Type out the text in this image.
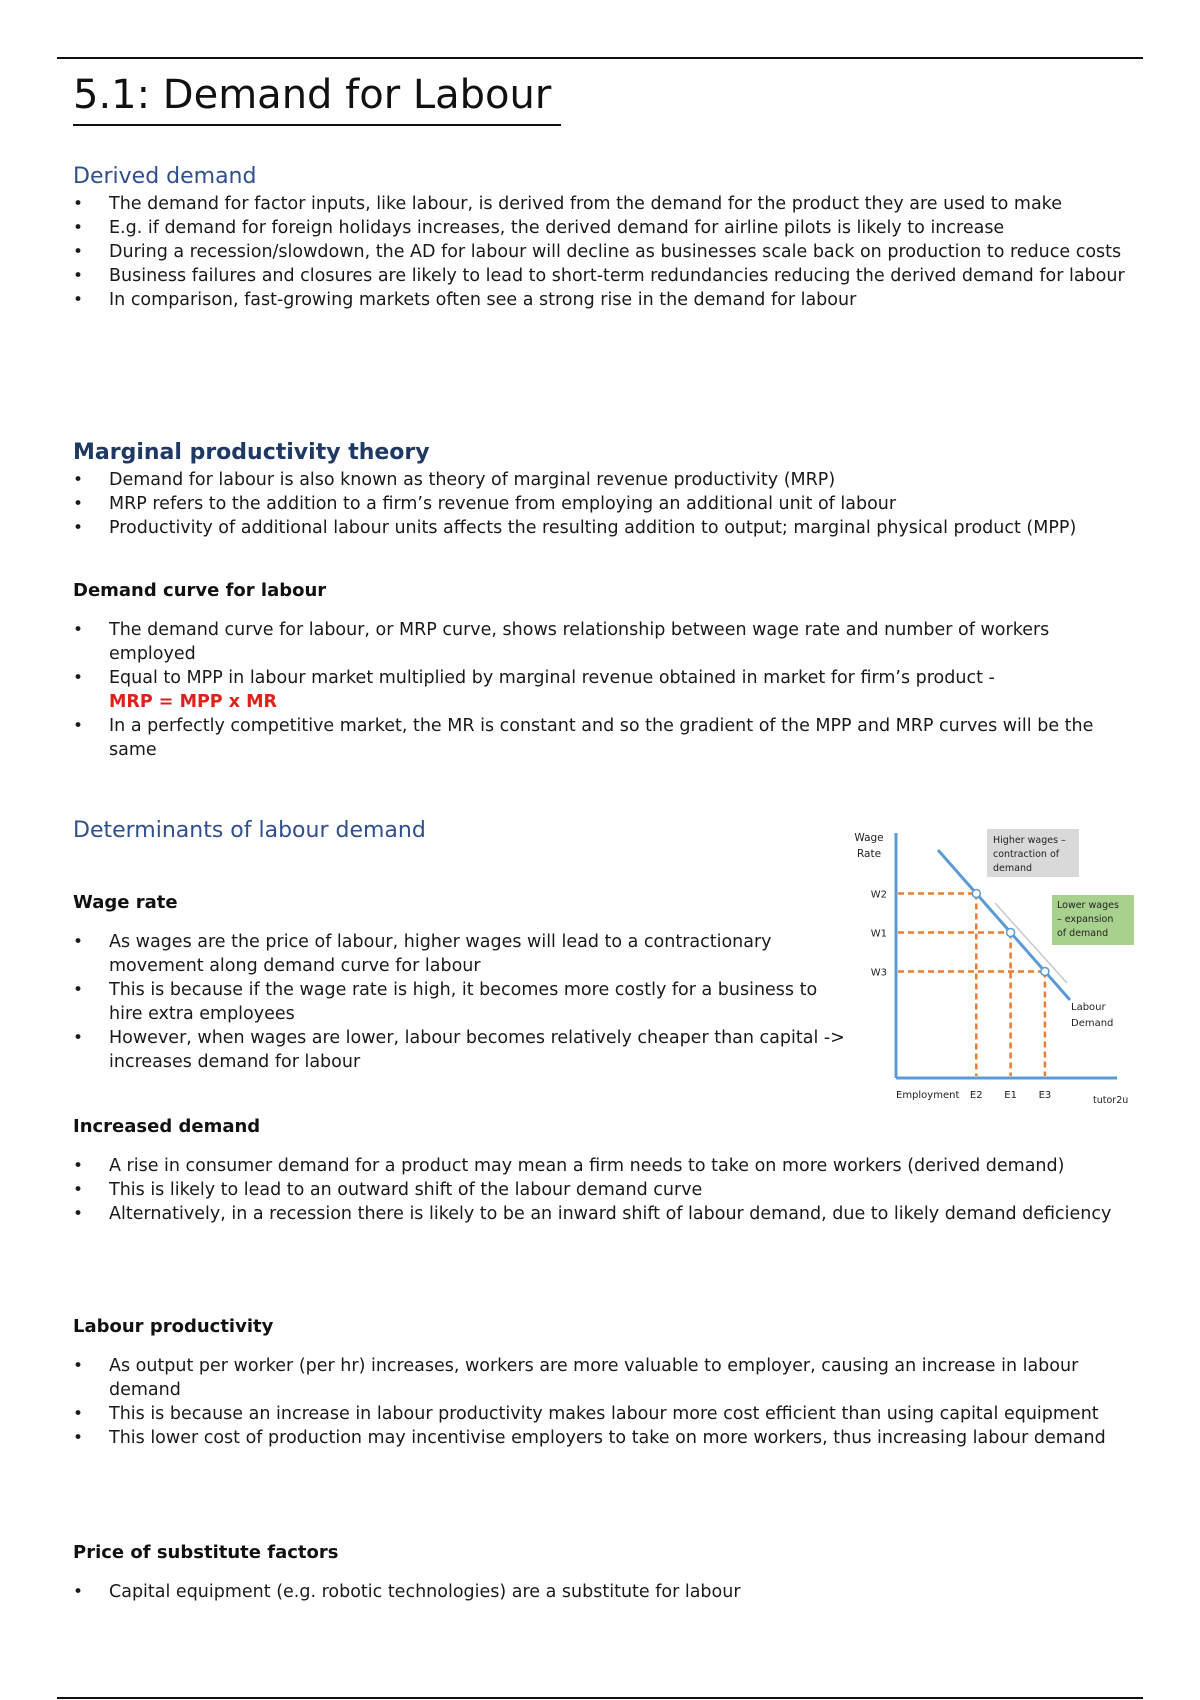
5.1: Demand for Labour
Derived demand
• The demand for factor inputs, like labour, is derived from the demand for the product they are used to make
• E.g. if demand for foreign holidays increases, the derived demand for airline pilots is likely to increase
• During a recession/slowdown, the AD for labour will decline as businesses scale back on production to reduce costs
• Business failures and closures are likely to lead to short-term redundancies reducing the derived demand for labour
• In comparison, fast-growing markets often see a strong rise in the demand for labour
Marginal productivity theory
• Demand for labour is also known as theory of marginal revenue productivity (MRP)
• MRP refers to the addition to a firm’s revenue from employing an additional unit of labour
• Productivity of additional labour units affects the resulting addition to output; marginal physical product (MPP)
Demand curve for labour
• The demand curve for labour, or MRP curve, shows relationship between wage rate and number of workers employed
• Equal to MPP in labour market multiplied by marginal revenue obtained in market for firm’s product -
MRP = MPP x MR
• In a perfectly competitive market, the MR is constant and so the gradient of the MPP and MRP curves will be the same
Determinants of labour demand
Wage rate
• As wages are the price of labour, higher wages will lead to a contractionary movement along demand curve for labour
• This is because if the wage rate is high, it becomes more costly for a business to hire extra employees
• However, when wages are lower, labour becomes relatively cheaper than capital -> increases demand for labour
Increased demand
• A rise in consumer demand for a product may mean a firm needs to take on more workers (derived demand)
• This is likely to lead to an outward shift of the labour demand curve
• Alternatively, in a recession there is likely to be an inward shift of labour demand, due to likely demand deficiency
Labour productivity
• As output per worker (per hr) increases, workers are more valuable to employer, causing an increase in labour demand
• This is because an increase in labour productivity makes labour more cost efficient than using capital equipment
• This lower cost of production may incentivise employers to take on more workers, thus increasing labour demand
Price of substitute factors
• Capital equipment (e.g. robotic technologies) are a substitute for labour
Wage
Rate
W2
W1
W3
E2 E1 E3
Higher wages –
contraction of
demand
Lower wages
– expansion
of demand
Labour
Demand
Employment	tutor2u
